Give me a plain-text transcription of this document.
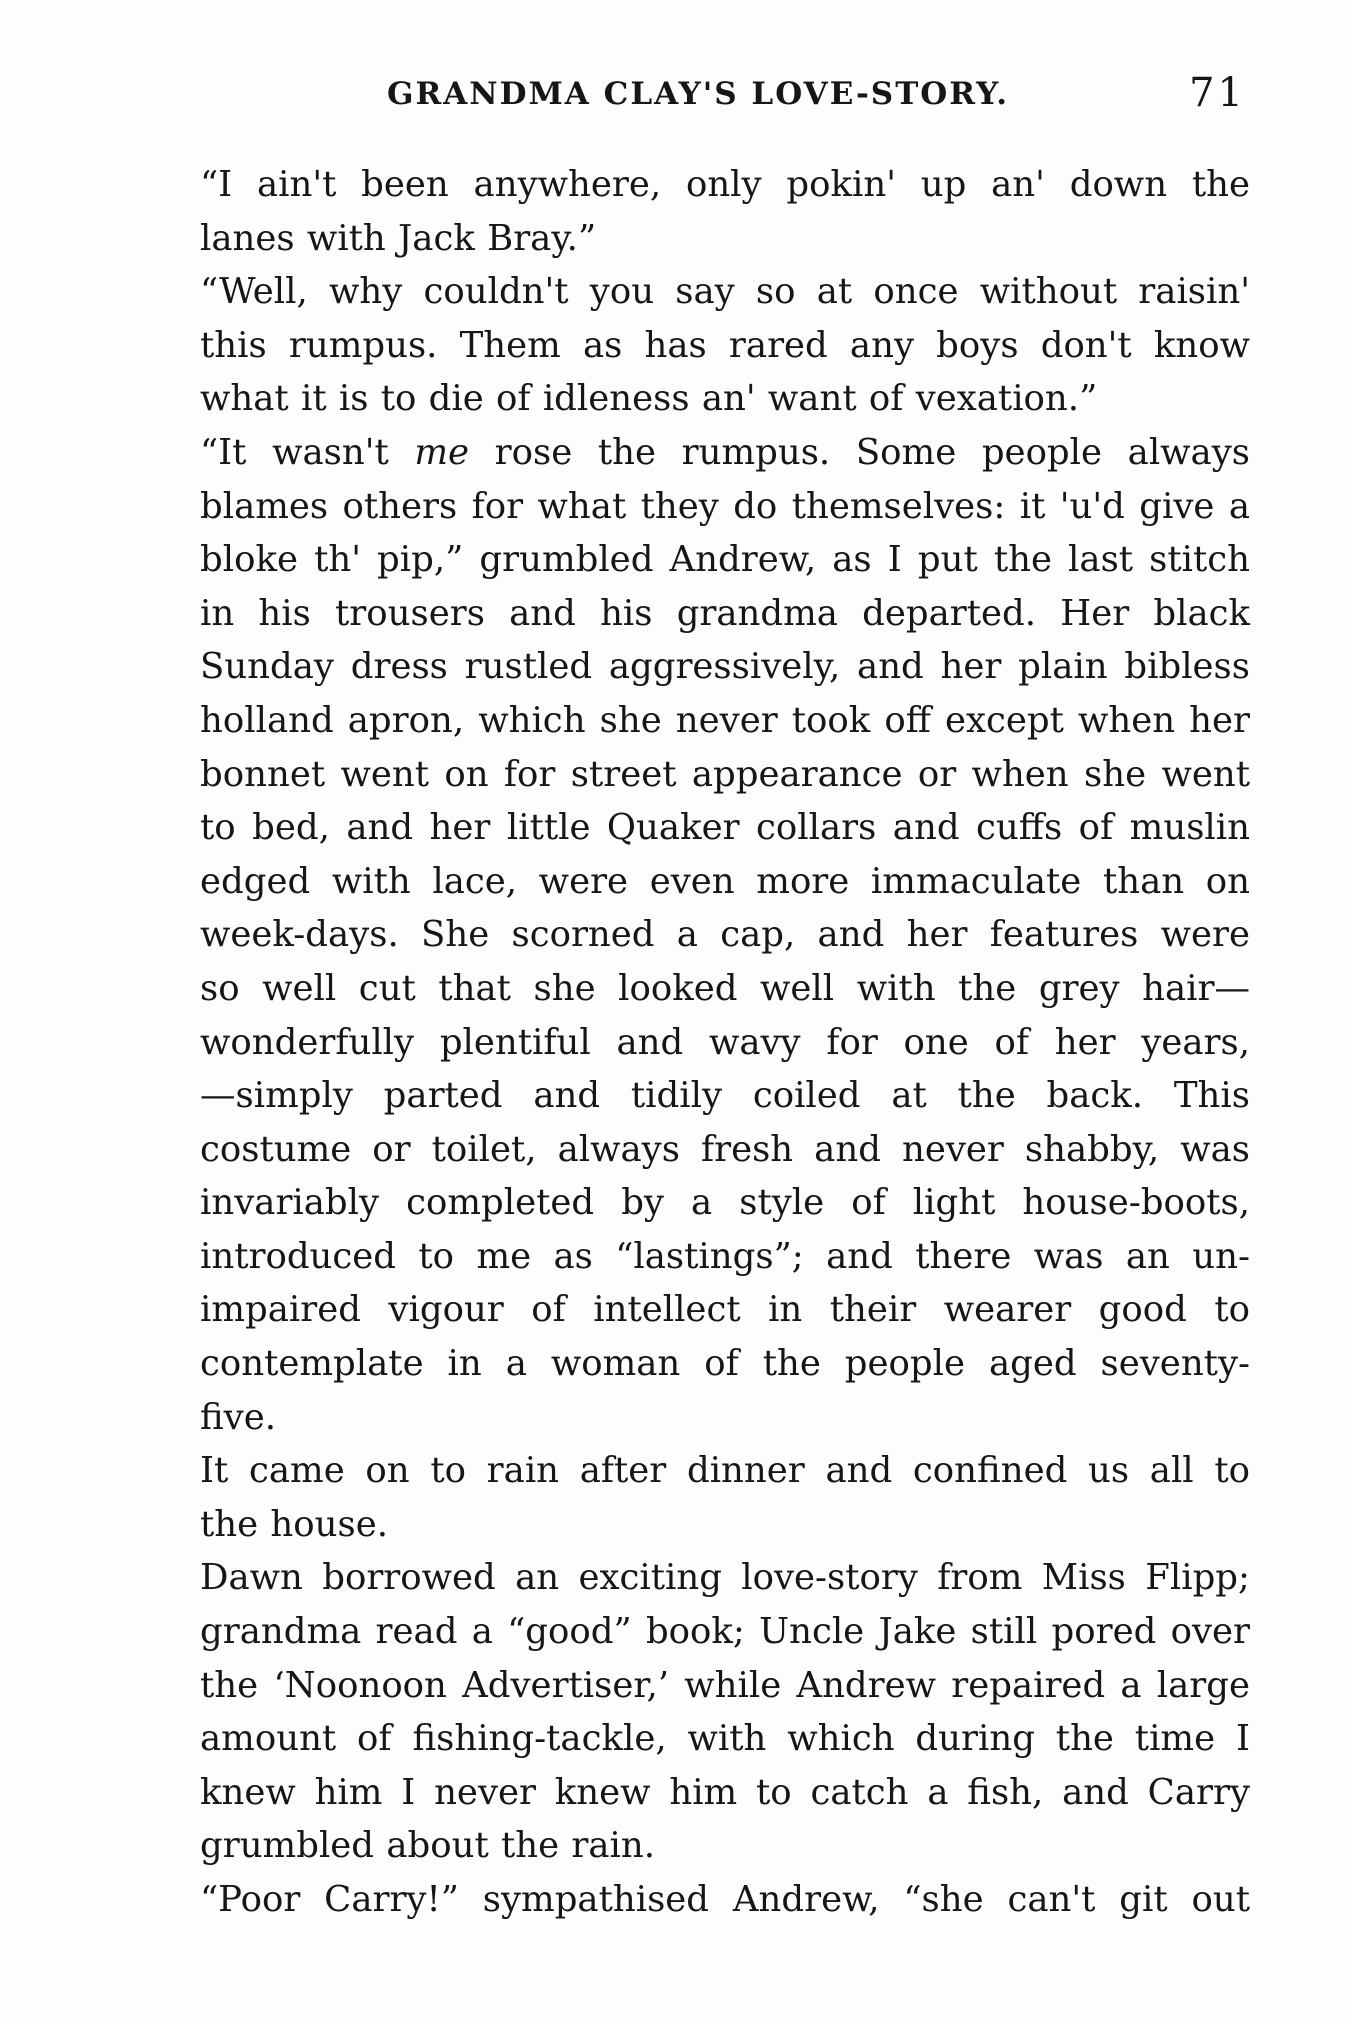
GRANDMA CLAY'S LOVE-STORY.	71

“I ain't been anywhere, only pokin' up an' down the
lanes with Jack Bray.”

“Well, why couldn't you say so at once without raisin'
this rumpus. Them as has rared any boys don't know
what it is to die of idleness an' want of vexation.”

“It wasn't me rose the rumpus. Some people always
blames others for what they do themselves: it 'u'd give a
bloke th' pip,” grumbled Andrew, as I put the last stitch
in his trousers and his grandma departed. Her black
Sunday dress rustled aggressively, and her plain bibless
holland apron, which she never took off except when her
bonnet went on for street appearance or when she went
to bed, and her little Quaker collars and cuffs of muslin
edged with lace, were even more immaculate than on
week-days. She scorned a cap, and her features were
so well cut that she looked well with the grey hair—
wonderfully plentiful and wavy for one of her years,
—simply parted and tidily coiled at the back. This
costume or toilet, always fresh and never shabby, was
invariably completed by a style of light house-boots,
introduced to me as “lastings”; and there was an un-
impaired vigour of intellect in their wearer good to
contemplate in a woman of the people aged seventy-
five.

It came on to rain after dinner and confined us all to
the house.

Dawn borrowed an exciting love-story from Miss Flipp;
grandma read a “good” book; Uncle Jake still pored over
the ‘Noonoon Advertiser,’ while Andrew repaired a large
amount of fishing-tackle, with which during the time I
knew him I never knew him to catch a fish, and Carry
grumbled about the rain.

“Poor Carry!” sympathised Andrew, “she can't git out
